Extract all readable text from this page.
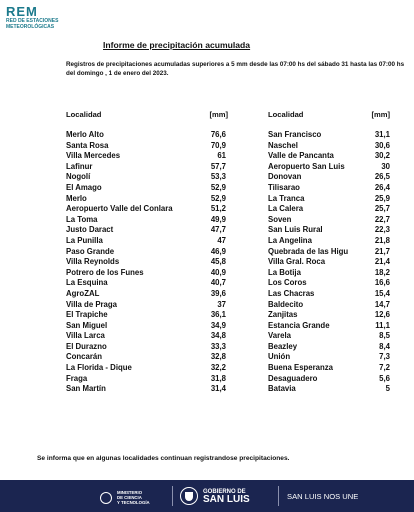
REM
RED DE ESTACIONES
METEOROLÓGICAS
Informe de precipitación acumulada
Registros de precipitaciones acumuladas superiores a 5 mm desde las 07:00 hs del sábado 31 hasta las 07:00 hs del domingo , 1 de enero del 2023.
Localidad	[mm]
Merlo Alto	76,6
Santa Rosa	70,9
Villa Mercedes	61
Lafinur	57,7
Nogolí	53,3
El Amago	52,9
Merlo	52,9
Aeropuerto Valle del Conlara	51,2
La Toma	49,9
Justo Daract	47,7
La Punilla	47
Paso Grande	46,9
Villa Reynolds	45,8
Potrero de los Funes	40,9
La Esquina	40,7
AgroZAL	39,6
Villa de Praga	37
El Trapiche	36,1
San Miguel	34,9
Villa Larca	34,8
El Durazno	33,3
Concarán	32,8
La Florida - Dique	32,2
Fraga	31,8
San Martín	31,4
Localidad	[mm]
San Francisco	31,1
Naschel	30,6
Valle de Pancanta	30,2
Aeropuerto San Luis	30
Donovan	26,5
Tilisarao	26,4
La Tranca	25,9
La Calera	25,7
Soven	22,7
San Luis Rural	22,3
La Angelina	21,8
Quebrada de las Higu	21,7
Villa Gral. Roca	21,4
La Botija	18,2
Los Coros	16,6
Las Chacras	15,4
Baldecito	14,7
Zanjitas	12,6
Estancia Grande	11,1
Varela	8,5
Beazley	8,4
Unión	7,3
Buena Esperanza	7,2
Desaguadero	5,6
Batavia	5
Se informa que en algunas localidades continuan registrandose precipitaciones.
MINISTERIO
DE CIENCIA
Y TECNOLOGÍA
GOBIERNO DE
SAN LUIS	SAN LUIS NOS UNE
